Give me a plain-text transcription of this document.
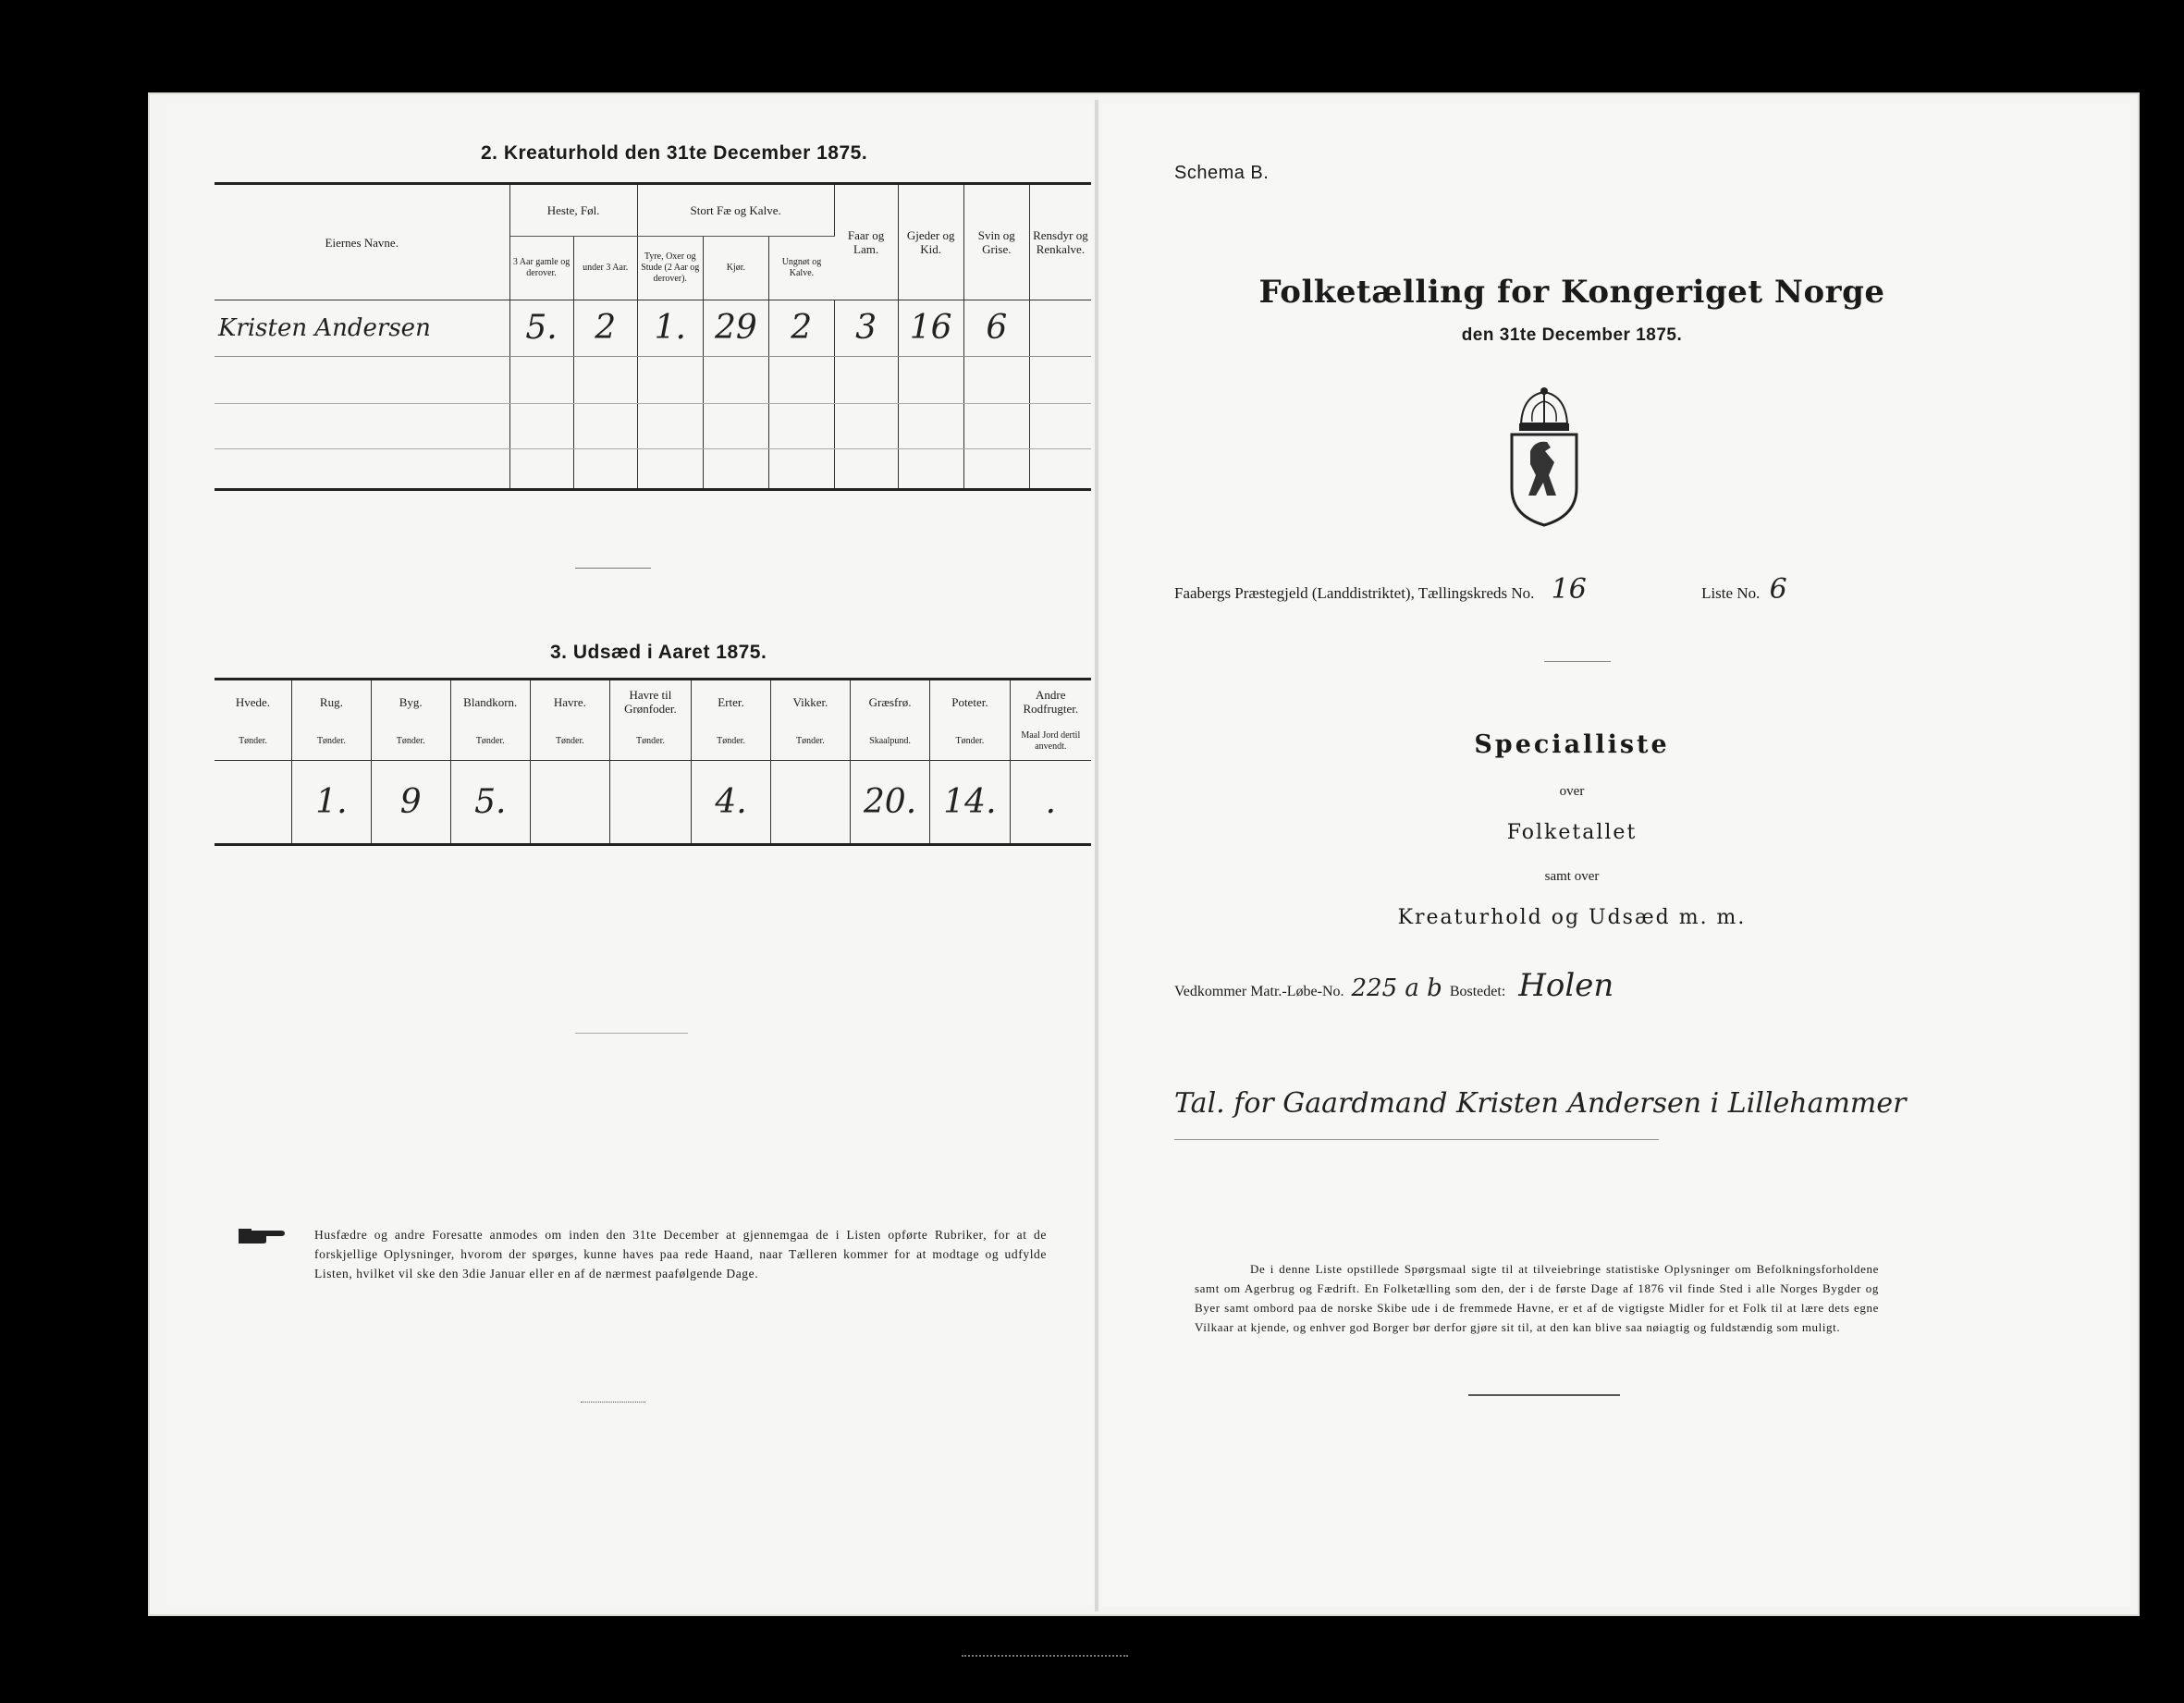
2. Kreaturhold den 31te December 1875.
Eiernes Navne.	Heste, Føl.		Stort Fæ og Kalve.			Faar og Lam.	Gjeder og Kid.	Svin og Grise.	Rensdyr og Renkalve.
	3 Aar gamle og derover.	under 3 Aar.	Tyre, Oxer og Stude (2 Aar og derover).	Kjør.	Ungnøt og Kalve.				
Kristen Andersen	5.	2	1.	29	2	3	16	6	

3. Udsæd i Aaret 1875.
Hvede.	Rug.	Byg.	Blandkorn.	Havre.	Havre til Grønfoder.	Erter.	Vikker.	Græsfrø.	Poteter.	Andre Rodfrugter.
Tønder.	Tønder.	Tønder.	Tønder.	Tønder.	Tønder.	Tønder.	Tønder.	Skaalpund.	Tønder.	Maal Jord dertil anvendt.
	1.	9	5.			4.		20.	14.	.
Husfædre og andre Foresatte anmodes om inden den 31te December at gjennemgaa de i Listen opførte Rubriker, for at de forskjellige Oplysninger, hvorom der spørges, kunne haves paa rede Haand, naar Tælleren kommer for at modtage og udfylde Listen, hvilket vil ske den 3die Januar eller en af de nærmest paafølgende Dage.
Schema B.
Folketælling for Kongeriget Norge
den 31te December 1875.
Faabergs Præstegjeld (Landdistriktet), Tællingskreds No. 16	Liste No. 6
Specialliste
over
Folketallet
samt over
Kreaturhold og Udsæd m. m.
Vedkommer Matr.-Løbe-No. 225 a b Bostedet: Holen
Tal. for Gaardmand Kristen Andersen i Lillehammer
De i denne Liste opstillede Spørgsmaal sigte til at tilveiebringe statistiske Oplysninger om Befolkningsforholdene samt om Agerbrug og Fædrift. En Folketælling som den, der i de første Dage af 1876 vil finde Sted i alle Norges Bygder og Byer samt ombord paa de norske Skibe ude i de fremmede Havne, er et af de vigtigste Midler for et Folk til at lære dets egne Vilkaar at kjende, og enhver god Borger bør derfor gjøre sit til, at den kan blive saa nøiagtig og fuldstændig som muligt.
